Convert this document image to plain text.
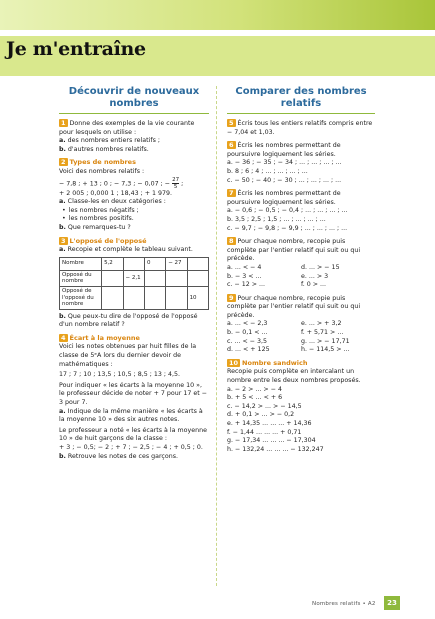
Je m'entraîne
Découvrir de nouveaux nombres

1 Donne des exemples de la vie courante pour lesquels on utilise :

a. des nombres entiers relatifs ;

b. d'autres nombres relatifs.

2 Types de nombres

Voici des nombres relatifs :

− 7,8 ; + 13 ; 0 ; − 7,3 ; − 0,07 ; − $\frac{27}{5}$ ;

+ 2 005 ; 0,000 1 ; 18,43 ; + 1 979.

a. Classe-les en deux catégories :

• les nombres négatifs ;

• les nombres positifs.

b. Que remarques-tu ?

3 L'opposé de l'opposé

a. Recopie et complète le tableau suivant.

Nombre	5,2		0	− 27	
Opposé du nombre		− 2,1			
Opposé de l'opposé du nombre					10

b. Que peux-tu dire de l'opposé de l'opposé d'un nombre relatif ?

4 Écart à la moyenne

Voici les notes obtenues par huit filles de la classe de 5ᵉA lors du dernier devoir de mathématiques :

17 ; 7 ; 10 ; 13,5 ; 10,5 ; 8,5 ; 13 ; 4,5.

Pour indiquer « les écarts à la moyenne 10 », le professeur décide de noter + 7 pour 17 et − 3 pour 7.

a. Indique de la même manière « les écarts à la moyenne 10 » des six autres notes.

Le professeur a noté « les écarts à la moyenne 10 » de huit garçons de la classe :

+ 3 ; − 0,5; − 2 ; + 7 ; − 2,5 ; − 4 ; + 0,5 ; 0.

b. Retrouve les notes de ces garçons.

Comparer des nombres relatifs

5 Écris tous les entiers relatifs compris entre − 7,04 et 1,03.

6 Écris les nombres permettant de poursuivre logiquement les séries.

a. − 36 ; − 35 ; − 34 ; ... ; ... ; ... ; ...

b. 8 ; 6 ; 4 ; ... ; ... ; ... ; ...

c. − 50 ; − 40 ; − 30 ; ... ; ... ; ... ; ...

7 Écris les nombres permettant de poursuivre logiquement les séries.

a. − 0,6 ; − 0,5 ; − 0,4 ; ... ; ... ; ... ; ...

b. 3,5 ; 2,5 ; 1,5 ; ... ; ... ; ... ; ...

c. − 9,7 ; − 9,8 ; − 9,9 ; ... ; ... ; ... ; ...

8 Pour chaque nombre, recopie puis complète par l'entier relatif qui suit ou qui précède.

a. ... < − 4	d. ... > − 15

b. − 3 < ...	e. ... > 3

c. − 12 > ...	f. 0 > ...

9 Pour chaque nombre, recopie puis complète par l'entier relatif qui suit ou qui précède.

a. ... < − 2,3	e. ... > + 3,2

b. − 0,1 < ...	f. + 5,71 > ...

c. ... < − 3,5	g. ... > − 17,71

d. ... < + 125	h. − 114,5 > ...

10 Nombre sandwich

Recopie puis complète en intercalant un nombre entre les deux nombres proposés.

a. − 2 > ... > − 4

b. + 5 < ... < + 6

c. − 14,2 > ... > − 14,5

d. + 0,1 > ... > − 0,2

e. + 14,35 ... ... ... + 14,36

f. − 1,44 ... ... ... + 0,71

g. − 17,34 ... ... ... − 17,304

h. − 132,24 ... ... ... − 132,247

Nombres relatifs • A2	23
